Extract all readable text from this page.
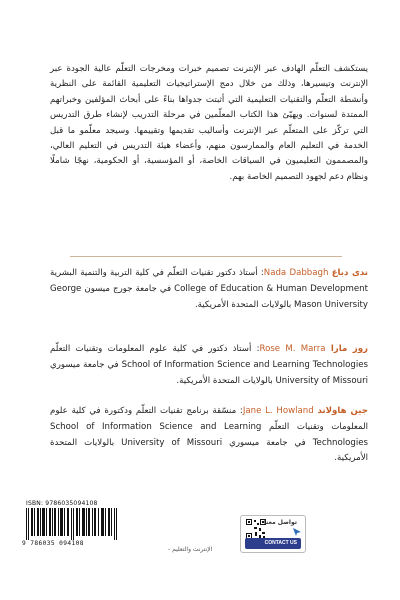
يستكشف التعلّم الهادف عبر الإنترنت تصميم خبرات ومخرجات التعلّم عالية الجودة عبر الإنترنت وتيسيرها، وذلك من خلال دمج الإستراتيجيات التعليمية القائمة على النظرية وأنشطة التعلّم والتقنيات التعليمية التي أثبتت جدواها بناءً على أبحاث المؤلفين وخبراتهم الممتدة لسنوات. ويهيّئ هذا الكتاب المعلّمين في مرحلة التدريب لإنشاء طرق التدريس التي تركّز على المتعلّم عبر الإنترنت وأساليب تقديمها وتقييمها. وسيجد معلّمو ما قبل الخدمة في التعليم العام والممارسون منهم، وأعضاء هيئة التدريس في التعليم العالي، والمصممون التعليميون في السياقات الخاصة، أو المؤسسية، أو الحكومية، نهجًا شاملًا ونظام دعم لجهود التصميم الخاصة بهم.

ندى دباغ Nada Dabbagh: أستاذ دكتور تقنيات التعلّم في كلية التربية والتنمية البشرية College of Education & Human Development في جامعة جورج ميسون George Mason University بالولايات المتحدة الأمريكية.

روز مارا Rose M. Marra: أستاذ دكتور في كلية علوم المعلومات وتقنيات التعلّم School of Information Science and Learning Technologies في جامعة ميسوري University of Missouri بالولايات المتحدة الأمريكية.

جين هاولاند Jane L. Howland: منسّقة برنامج تقنيات التعلّم ودكتورة في كلية علوم المعلومات وتقنيات التعلّم School of Information Science and Learning Technologies في جامعة ميسوري University of Missouri بالولايات المتحدة الأمريكية.

ISBN: 9786035094108
9 786035 094108
الإنترنت والتعليم -
تواصل معنا
CONTACT US
